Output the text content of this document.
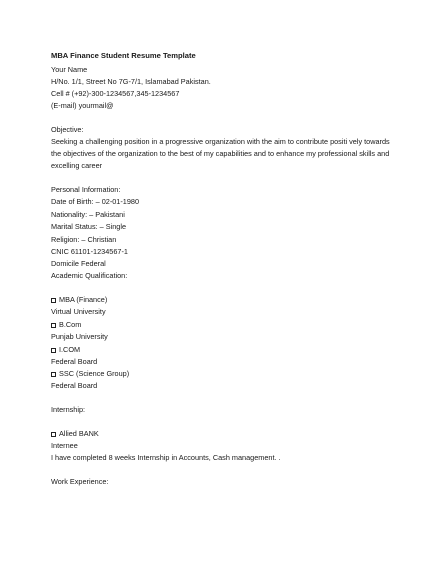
MBA Finance Student Resume Template
Your Name
H/No. 1/1, Street No 7G-7/1, Islamabad Pakistan.
Cell # (+92)-300-1234567,345-1234567
(E-mail) yourmail@
Objective:
Seeking a challenging position in a progressive organization with the aim to contribute positi vely towards
the objectives of the organization to the best of my capabilities and to enhance my professional skills and
excelling career
Personal Information:
Date of Birth: – 02-01-1980
Nationality: – Pakistani
Marital Status: – Single
Religion: – Christian
CNIC 61101-1234567-1
Domicile Federal
Academic Qualification:
MBA (Finance)
Virtual University
B.Com
Punjab University
I.COM
Federal Board
SSC (Science Group)
Federal Board
Internship:
Allied BANK
Internee
I have completed 8 weeks Internship in Accounts, Cash management. .
Work Experience:
